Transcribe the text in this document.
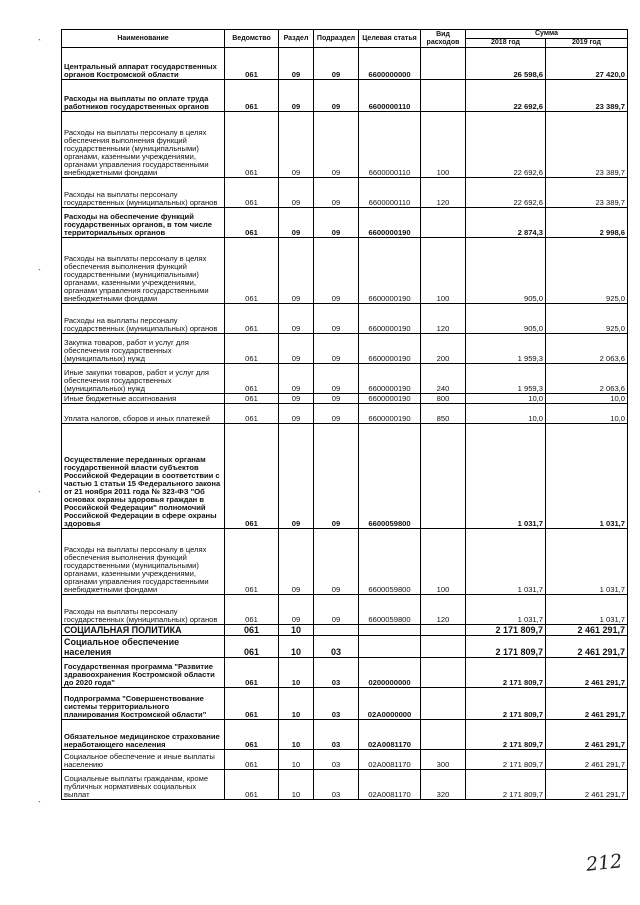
`
`
`
`
Наименование	Ведомство	Раздел	Подраздел	Целевая статья	Вид расходов	Сумма	
						2018 год	2019 год
Центральный аппарат государственных органов Костромской области	061	09	09	6600000000		26 598,6	27 420,0
Расходы на выплаты по оплате труда работников государственных органов	061	09	09	6600000110		22 692,6	23 389,7
Расходы на выплаты персоналу в целях обеспечения выполнения функций государственными (муниципальными) органами, казенными учреждениями, органами управления государственными внебюджетными фондами	061	09	09	6600000110	100	22 692,6	23 389,7
Расходы на выплаты персоналу государственных (муниципальных) органов	061	09	09	6600000110	120	22 692,6	23 389,7
Расходы на обеспечение функций государственных органов, в том числе территориальных органов	061	09	09	6600000190		2 874,3	2 998,6
Расходы на выплаты персоналу в целях обеспечения выполнения функций государственными (муниципальными) органами, казенными учреждениями, органами управления государственными внебюджетными фондами	061	09	09	6600000190	100	905,0	925,0
Расходы на выплаты персоналу государственных (муниципальных) органов	061	09	09	6600000190	120	905,0	925,0
Закупка товаров, работ и услуг для обеспечения государственных (муниципальных) нужд	061	09	09	6600000190	200	1 959,3	2 063,6
Иные закупки товаров, работ и услуг для обеспечения государственных (муниципальных) нужд	061	09	09	6600000190	240	1 959,3	2 063,6
Иные бюджетные ассигнования	061	09	09	6600000190	800	10,0	10,0
Уплата налогов, сборов и иных платежей	061	09	09	6600000190	850	10,0	10,0
Осуществление переданных органам государственной власти субъектов Российской Федерации в соответствии с частью 1 статьи 15 Федерального закона от 21 ноября 2011 года № 323-ФЗ "Об основах охраны здоровья граждан в Российской Федерации" полномочий Российской Федерации в сфере охраны здоровья	061	09	09	6600059800		1 031,7	1 031,7
Расходы на выплаты персоналу в целях обеспечения выполнения функций государственными (муниципальными) органами, казенными учреждениями, органами управления государственными внебюджетными фондами	061	09	09	6600059800	100	1 031,7	1 031,7
Расходы на выплаты персоналу государственных (муниципальных) органов	061	09	09	6600059800	120	1 031,7	1 031,7
СОЦИАЛЬНАЯ ПОЛИТИКА	061	10				2 171 809,7	2 461 291,7
Социальное обеспечение населения	061	10	03			2 171 809,7	2 461 291,7
Государственная программа "Развитие здравоохранения Костромской области до 2020 года"	061	10	03	0200000000		2 171 809,7	2 461 291,7
Подпрограмма "Совершенствование системы территориального планирования Костромской области"	061	10	03	02А0000000		2 171 809,7	2 461 291,7
Обязательное медицинское страхование неработающего населения	061	10	03	02А0081170		2 171 809,7	2 461 291,7
Социальное обеспечение и иные выплаты населению	061	10	03	02А0081170	300	2 171 809,7	2 461 291,7
Социальные выплаты гражданам, кроме публичных нормативных социальных выплат	061	10	03	02А0081170	320	2 171 809,7	2 461 291,7
212
